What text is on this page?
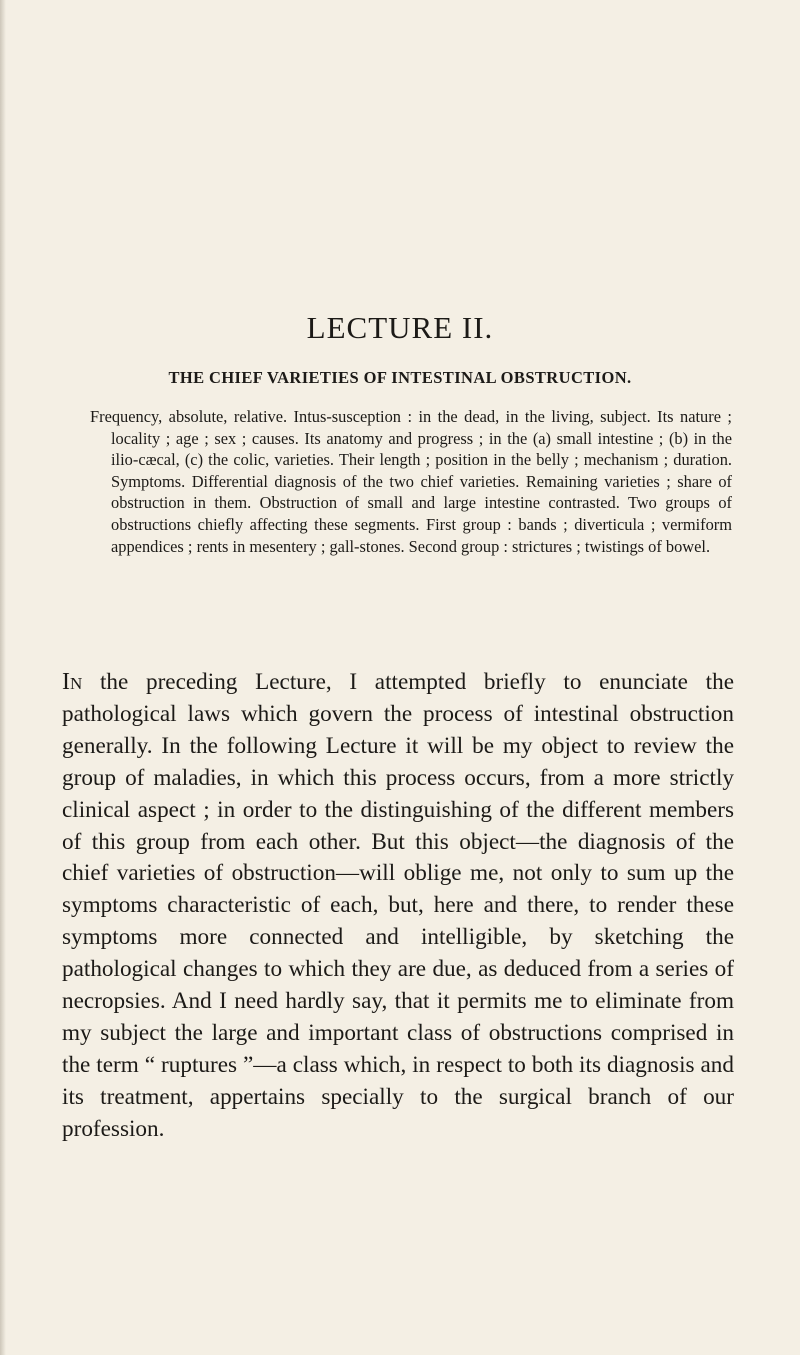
LECTURE II.
THE CHIEF VARIETIES OF INTESTINAL OBSTRUCTION.

Frequency, absolute, relative. Intus-susception : in the dead, in the living, subject. Its nature ; locality ; age ; sex ; causes. Its anatomy and progress ; in the (a) small intestine ; (b) in the ilio-cæcal, (c) the colic, varieties. Their length ; position in the belly ; mechanism ; duration. Symptoms. Differential diagnosis of the two chief varieties. Remaining varieties ; share of obstruction in them. Obstruction of small and large intestine contrasted. Two groups of obstructions chiefly affecting these segments. First group : bands ; diverticula ; vermiform appendices ; rents in mesentery ; gall-stones. Second group : strictures ; twistings of bowel.

In the preceding Lecture, I attempted briefly to enunciate the pathological laws which govern the process of intestinal obstruction generally. In the following Lecture it will be my object to review the group of maladies, in which this process occurs, from a more strictly clinical aspect ; in order to the distinguishing of the different members of this group from each other. But this object—the diagnosis of the chief varieties of obstruction—will oblige me, not only to sum up the symptoms characteristic of each, but, here and there, to render these symptoms more connected and intelligible, by sketching the pathological changes to which they are due, as deduced from a series of necropsies. And I need hardly say, that it permits me to eliminate from my subject the large and important class of obstructions comprised in the term “ ruptures ”—a class which, in respect to both its diagnosis and its treatment, appertains specially to the surgical branch of our profession.
